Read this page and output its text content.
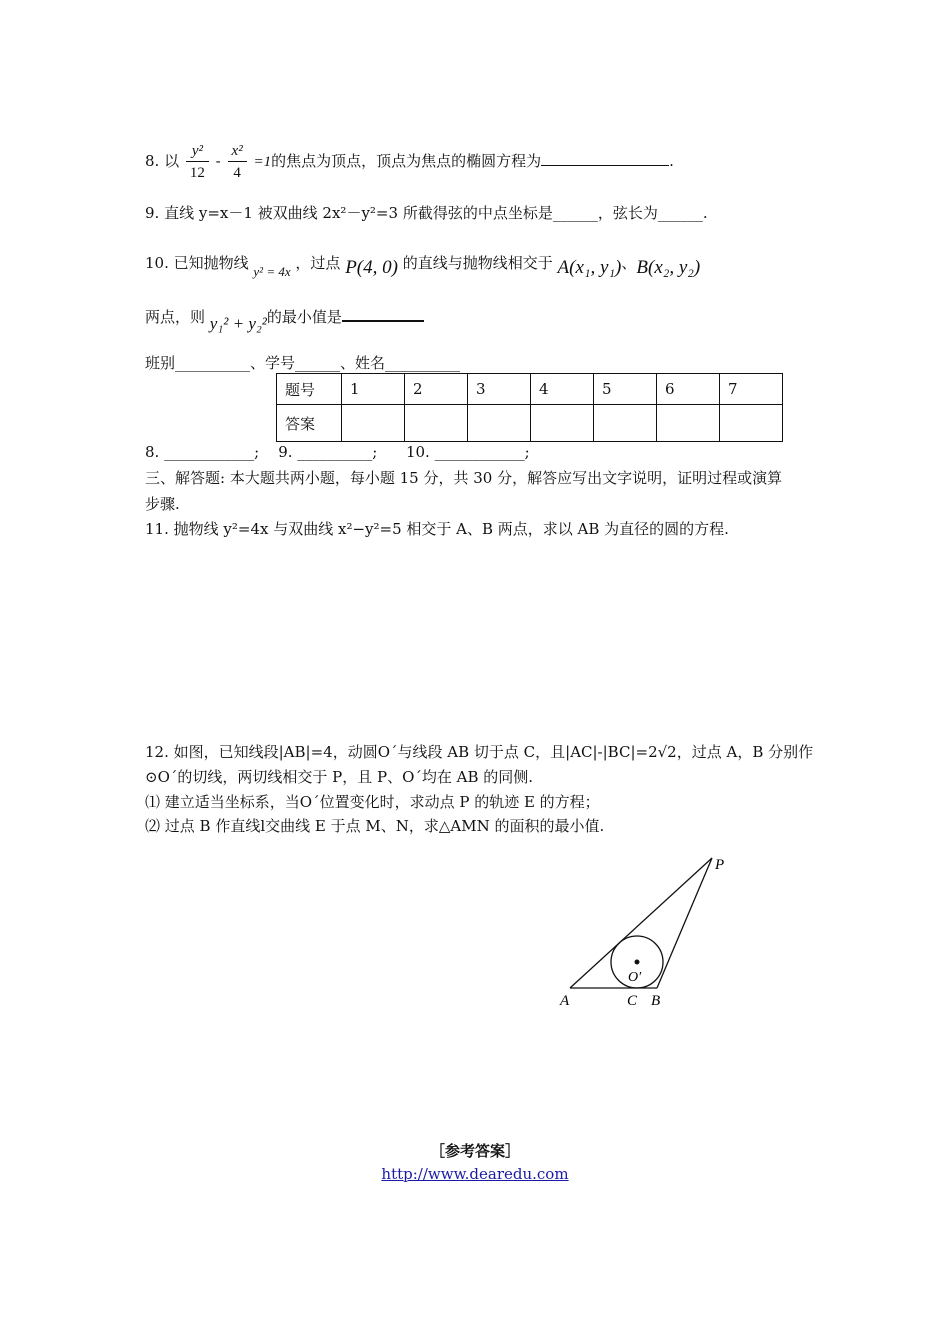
8. 以 $\frac{\text{y²}}{12} - \frac{\text{x²}}{4} =1$的焦点为顶点，顶点为焦点的椭圆方程为	.
9. 直线 y=x－1 被双曲线 2x²－y²=3 所截得弦的中点坐标是______，弦长为______.
10. 已知抛物线 y² = 4x ，过点 P(4, 0) 的直线与抛物线相交于 A(x₁, y₁)、B(x₂, y₂)
两点，则 y₁² + y₂²的最小值是
班别__________、学号______、姓名__________
题号	1	2	3	4	5	6	7
答案							
8. ____________;    9. __________;      10. ____________;
三、解答题: 本大题共两小题，每小题 15 分，共 30 分，解答应写出文字说明，证明过程或演算
步骤.
11. 抛物线 y²=4x 与双曲线 x²−y²=5 相交于 A、B 两点，求以 AB 为直径的圆的方程.
12. 如图，已知线段|AB|=4，动圆O´与线段 AB 切于点 C，且|AC|-|BC|=2√2，过点 A，B 分别作
⊙O´的切线，两切线相交于 P，且 P、O´均在 AB 的同侧.
⑴ 建立适当坐标系，当O´位置变化时，求动点 P 的轨迹 E 的方程；
⑵ 过点 B 作直线l交曲线 E 于点 M、N，求△AMN 的面积的最小值.
P
A	C B
O′
［参考答案］
http://www.dearedu.com
